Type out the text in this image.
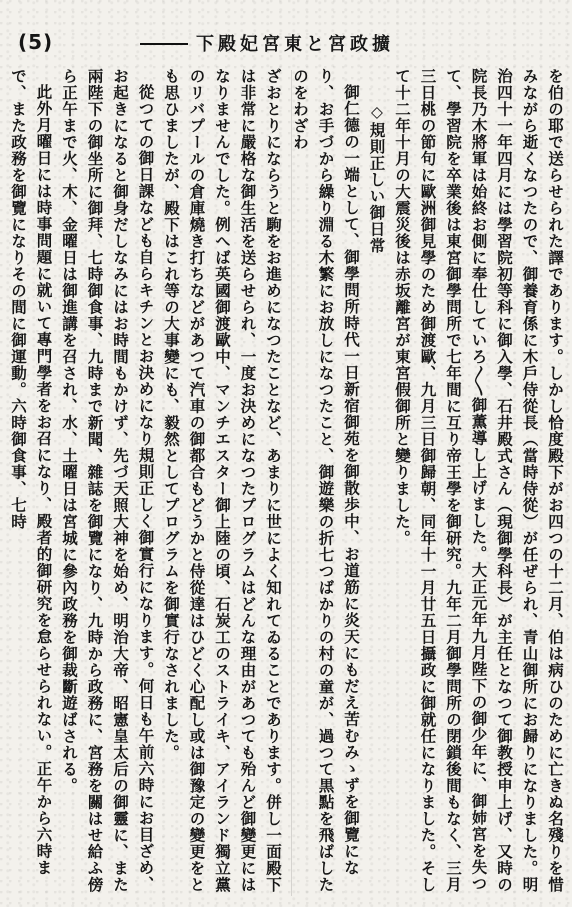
(5)	擴政宮と東宮妃殿下

を伯の耶で送らせられた譯であります。しかし恰度殿下がお四つの十二月、伯は病ひのために亡きぬ名殘りを惜みながら逝くなつたので、御養育係に木戶侍從長（當時侍從）が任ぜられ、青山御所にお歸りになりました。明治四十一年四月には學習院初等科に御入學、石井殿式さん（現御學科長）が主任となつて御教授申上げ、又時の院長乃木將軍は始終お側に奉仕していろ〳〵御薫導し上げました。大正元年九月陛下の御少年に、御姉宮を失つて、學習院を卒業後は東宮御學問所で七年間に互り帝王學を御研究。九年二月御學問所の閉鎖後間もなく、三月三日桃の節句に歐洲御見學のため御渡歐、九月三日御歸朝、同年十一月廿五日攝政に御就任になりました。そして十二年十月の大震災後は赤坂離宮が東宮假御所と變りました。

◇規則正しい御日常

御仁德の一端として、御學問所時代一日新宿御苑を御散歩中、お道筋に炎天にもだえ苦むみゝずを御覽になり、お手づから繰り淵る木繁にお放しになつたこと、御遊樂の折七つばかりの村の童が、過つて黒點を飛ばしたのをわざわ

ざおとりにならうと駒をお進めになつたことなど、あまりに世によく知れてゐることであります。併し一面殿下は非常に嚴格な御生活を送らせられ、一度お決めになつたプログラムはどんな理由があつても殆んど御變更にはなりませんでした。例へば英國御渡歐中、マンチエスター御上陸の頃、石炭工のストライキ、アイランド獨立黨のリバプールの倉庫燒き打ちなどがあつて汽車の御都合もどうかと侍從達はひどく心配し或は御豫定の變更をとも思ひましたが、殿下はこれ等の大事變にも、毅然としてプログラムを御實行なされました。

從つての御日課なども自らキチンとお決めになり規則正しく御實行になります。何日も午前六時にお目ざめ、お起きになると御身だしなみにはお時間もかけず、先づ天照大神を始め、明治大帝、昭憲皇太后の御靈に、また兩陛下の御坐所に御拜、七時御食事、九時まで新聞、雜誌を御覽になり、九時から政務に、宮務を關はせ給ふ傍ら正午まで火、木、金曜日は御進講を召され、水、土曜日は宮城に參內政務を御裁斷遊ばされる。

此外月曜日には時事問題に就いて專門學者をお召になり、殿者的御研究を怠らせられない。正午から六時まで、また政務を御覽になりその間に御運動。六時御食事、七時
